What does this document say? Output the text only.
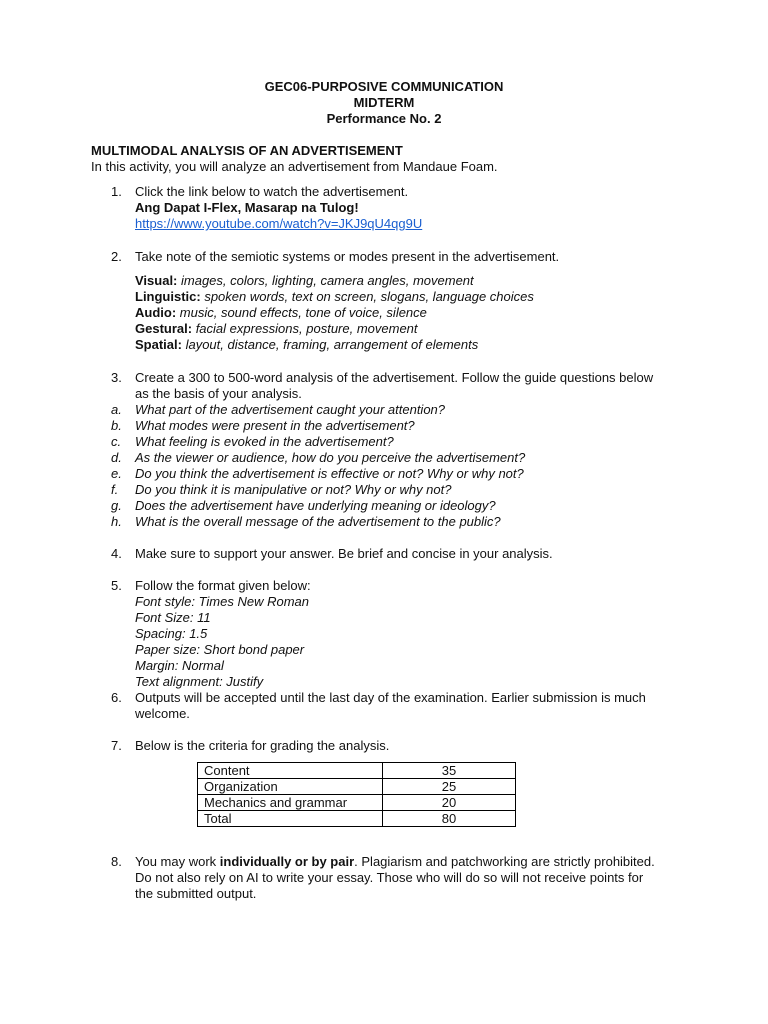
GEC06-PURPOSIVE COMMUNICATION
MIDTERM
Performance No. 2
MULTIMODAL ANALYSIS OF AN ADVERTISEMENT
In this activity, you will analyze an advertisement from Mandaue Foam.
1.	Click the link below to watch the advertisement.
Ang Dapat I-Flex, Masarap na Tulog!
https://www.youtube.com/watch?v=JKJ9qU4qg9U
2.	Take note of the semiotic systems or modes present in the advertisement.
Visual: images, colors, lighting, camera angles, movement
Linguistic: spoken words, text on screen, slogans, language choices
Audio: music, sound effects, tone of voice, silence
Gestural: facial expressions, posture, movement
Spatial: layout, distance, framing, arrangement of elements
3.	Create a 300 to 500-word analysis of the advertisement. Follow the guide questions below
as the basis of your analysis.
a.	What part of the advertisement caught your attention?
b.	What modes were present in the advertisement?
c.	What feeling is evoked in the advertisement?
d.	As the viewer or audience, how do you perceive the advertisement?
e.	Do you think the advertisement is effective or not? Why or why not?
f.	Do you think it is manipulative or not? Why or why not?
g.	Does the advertisement have underlying meaning or ideology?
h.	What is the overall message of the advertisement to the public?
4.	Make sure to support your answer. Be brief and concise in your analysis.
5.	Follow the format given below:
Font style: Times New Roman
Font Size: 11
Spacing: 1.5
Paper size: Short bond paper
Margin: Normal
Text alignment: Justify
6.	Outputs will be accepted until the last day of the examination. Earlier submission is much
welcome.
7.	Below is the criteria for grading the analysis.
Content	35
Organization	25
Mechanics and grammar	20
Total	80
8.	You may work individually or by pair. Plagiarism and patchworking are strictly prohibited.
Do not also rely on AI to write your essay. Those who will do so will not receive points for
the submitted output.
